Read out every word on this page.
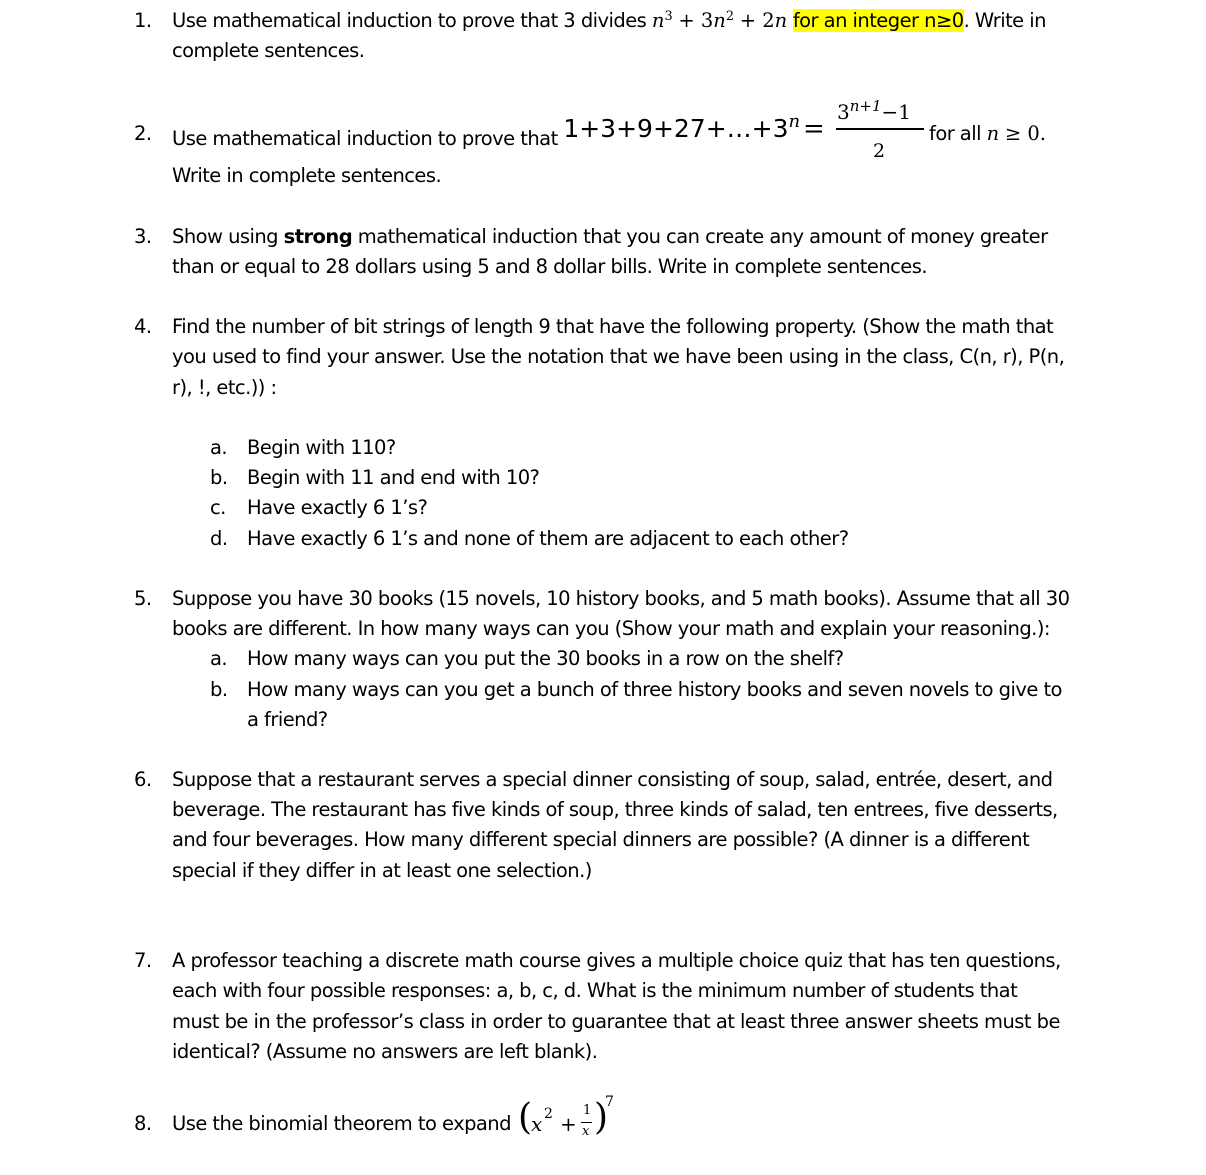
1. Use mathematical induction to prove that 3 divides $n^3 + 3n^2 + 2n$ for an integer n≥0. Write in
complete sentences.
2. Use mathematical induction to prove that $1+3+9+27+\dots+3^n$ =
$3^{n+1}-1$
2
for all n ≥ 0.
Write in complete sentences.
3. Show using strong mathematical induction that you can create any amount of money greater
than or equal to 28 dollars using 5 and 8 dollar bills. Write in complete sentences.
4. Find the number of bit strings of length 9 that have the following property. (Show the math that
you used to find your answer. Use the notation that we have been using in the class, C(n, r), P(n,
r), !, etc.)) :
a. Begin with 110?
b. Begin with 11 and end with 10?
c. Have exactly 6 1’s?
d. Have exactly 6 1’s and none of them are adjacent to each other?
5. Suppose you have 30 books (15 novels, 10 history books, and 5 math books). Assume that all 30
books are different. In how many ways can you (Show your math and explain your reasoning.):
a. How many ways can you put the 30 books in a row on the shelf?
b. How many ways can you get a bunch of three history books and seven novels to give to
a friend?
6. Suppose that a restaurant serves a special dinner consisting of soup, salad, entrée, desert, and
beverage. The restaurant has five kinds of soup, three kinds of salad, ten entrees, five desserts,
and four beverages. How many different special dinners are possible? (A dinner is a different
special if they differ in at least one selection.)
7. A professor teaching a discrete math course gives a multiple choice quiz that has ten questions,
each with four possible responses: a, b, c, d. What is the minimum number of students that
must be in the professor’s class in order to guarantee that at least three answer sheets must be
identical? (Assume no answers are left blank).
8. Use the binomial theorem to expand (
x 2 +
1
x )
7
